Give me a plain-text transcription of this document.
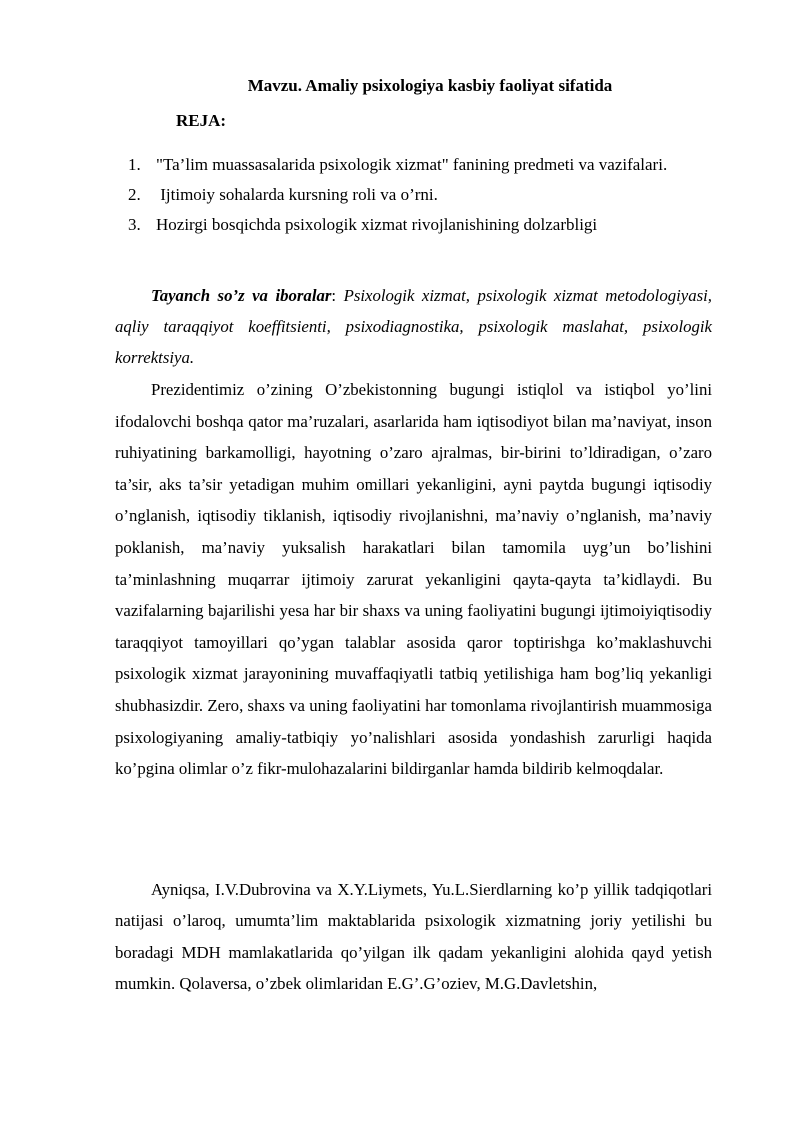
Mavzu. Amaliy psixologiya kasbiy faoliyat sifatida
REJA:
1. "Ta’lim muassasalarida psixologik xizmat" fanining predmeti va vazifalari.
2. Ijtimoiy sohalarda kursning roli va o’rni.
3. Hozirgi bosqichda psixologik xizmat rivojlanishining dolzarbligi

Tayanch so’z va iboralar: Psixologik xizmat, psixologik xizmat metodologiyasi, aqliy taraqqiyot koeffitsienti, psixodiagnostika, psixologik maslahat, psixologik korrektsiya.

Prezidentimiz o’zining O’zbekistonning bugungi istiqlol va istiqbol yo’lini ifodalovchi boshqa qator ma’ruzalari, asarlarida ham iqtisodiyot bilan ma’naviyat, inson ruhiyatining barkamolligi, hayotning o’zaro ajralmas, bir-birini to’ldiradigan, o’zaro ta’sir, aks ta’sir yetadigan muhim omillari yekanligini, ayni paytda bugungi iqtisodiy o’nglanish, iqtisodiy tiklanish, iqtisodiy rivojlanishni, ma’naviy o’nglanish, ma’naviy poklanish, ma’naviy yuksalish harakatlari bilan tamomila uyg’un bo’lishini ta’minlashning muqarrar ijtimoiy zarurat yekanligini qayta-qayta ta’kidlaydi. Bu vazifalarning bajarilishi yesa har bir shaxs va uning faoliyatini bugungi ijtimoiyiqtisodiy taraqqiyot tamoyillari qo’ygan talablar asosida qaror toptirishga ko’maklashuvchi psixologik xizmat jarayonining muvaffaqiyatli tatbiq yetilishiga ham bog’liq yekanligi shubhasizdir. Zero, shaxs va uning faoliyatini har tomonlama rivojlantirish muammosiga psixologiyaning amaliy-tatbiqiy yo’nalishlari asosida yondashish zarurligi haqida ko’pgina olimlar o’z fikr-mulohazalarini bildirganlar hamda bildirib kelmoqdalar.

Ayniqsa, I.V.Dubrovina va X.Y.Liymets, Yu.L.Sierdlarning ko’p yillik tadqiqotlari natijasi o’laroq, umumta’lim maktablarida psixologik xizmatning joriy yetilishi bu boradagi MDH mamlakatlarida qo’yilgan ilk qadam yekanligini alohida qayd yetish mumkin. Qolaversa, o’zbek olimlaridan E.G’.G’oziev, M.G.Davletshin,
